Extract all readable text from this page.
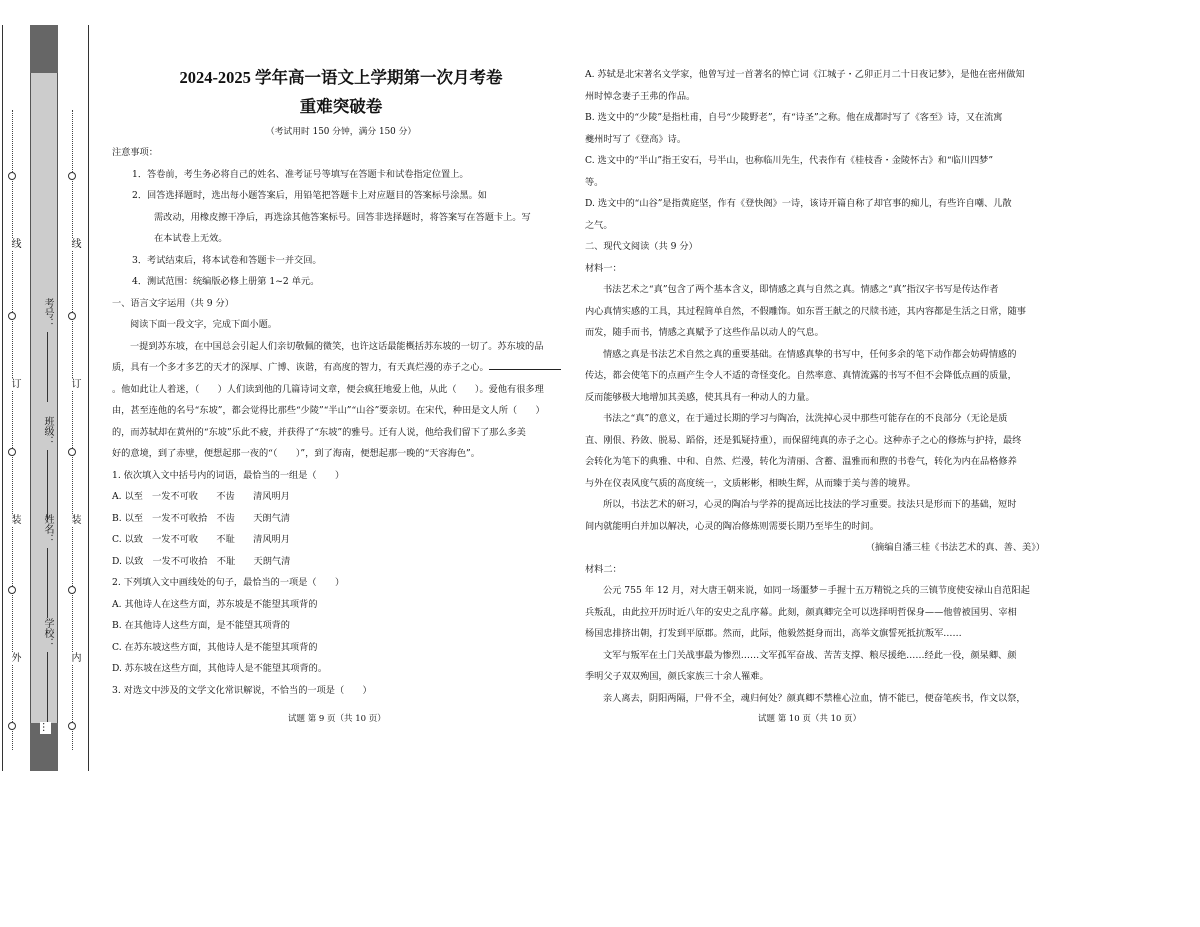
线
订
装
外
线
订
装
内
考号：
班级：
姓名：
学校：
…
2024-2025 学年高一语文上学期第一次月考卷
重难突破卷
（考试用时 150 分钟，满分 150 分）

注意事项：

1．答卷前，考生务必将自己的姓名、准考证号等填写在答题卡和试卷指定位置上。

2．回答选择题时，选出每小题答案后，用铅笔把答题卡上对应题目的答案标号涂黑。如

需改动，用橡皮擦干净后，再选涂其他答案标号。回答非选择题时，将答案写在答题卡上。写

在本试卷上无效。

3．考试结束后，将本试卷和答题卡一并交回。

4．测试范围：统编版必修上册第 1~2 单元。

一、语言文字运用（共 9 分）

阅读下面一段文字，完成下面小题。

一提到苏东坡，在中国总会引起人们亲切敬佩的微笑，也许这话最能概括苏东坡的一切了。苏东坡的品

质，具有一个多才多艺的天才的深厚、广博、诙谐，有高度的智力，有天真烂漫的赤子之心。

。他如此让人着迷，（　　）人们读到他的几篇诗词文章，便会疯狂地爱上他，从此（　　）。爱他有很多理

由，甚至连他的名号“东坡”，都会觉得比那些“少陵”“半山”“山谷”要亲切。在宋代，种田是文人所（　　）

的，而苏轼却在黄州的“东坡”乐此不疲，并获得了“东坡”的雅号。迁有人说，他给我们留下了那么多美

好的意境，到了赤壁，便想起那一夜的“（　　）”，到了海南，便想起那一晚的“天容海色”。

1. 依次填入文中括号内的词语，最恰当的一组是（　　）

A. 以至　一发不可收　　不齿　　清风明月

B. 以至　一发不可收拾　不齿　　天朗气清

C. 以致　一发不可收　　不耻　　清风明月

D. 以致　一发不可收拾　不耻　　天朗气清

2. 下列填入文中画线处的句子，最恰当的一项是（　　）

A. 其他诗人在这些方面，苏东坡是不能望其项背的

B. 在其他诗人这些方面，是不能望其项背的

C. 在苏东坡这些方面，其他诗人是不能望其项背的

D. 苏东坡在这些方面，其他诗人是不能望其项背的。

3. 对选文中涉及的文学文化常识解说，不恰当的一项是（　　）

A. 苏轼是北宋著名文学家，他曾写过一首著名的悼亡词《江城子・乙卯正月二十日夜记梦》，是他在密州做知

州时悼念妻子王弗的作品。

B. 选文中的“少陵”是指杜甫，自号“少陵野老”，有“诗圣”之称。他在成都时写了《客至》诗，又在流寓

夔州时写了《登高》诗。

C. 选文中的“半山”指王安石，号半山，也称临川先生，代表作有《桂枝香・金陵怀古》和“临川四梦”

等。

D. 选文中的“山谷”是指黄庭坚，作有《登快阁》一诗，该诗开篇自称了却官事的痴儿，有些许自嘲、儿散

之气。

二、现代文阅读（共 9 分）

材料一：

书法艺术之“真”包含了两个基本含义，即情感之真与自然之真。情感之“真”指汉字书写是传达作者

内心真情实感的工具，其过程简单自然，不假雕饰。如东晋王献之的尺牍书迹，其内容都是生活之日常，随事

而发，随手而书，情感之真赋予了这些作品以动人的气息。

情感之真是书法艺术自然之真的重要基础。在情感真挚的书写中，任何多余的笔下动作都会妨碍情感的

传达，都会使笔下的点画产生令人不适的奇怪变化。自然率意、真情流露的书写不但不会降低点画的质量，

反而能够极大地增加其美感，使其具有一种动人的力量。

书法之“真”的意义，在于通过长期的学习与陶冶，汰洗掉心灵中那些可能存在的不良部分（无论是质

直、刚佷、矜敛、脱易、蹈俗，还是狐疑持重），而保留纯真的赤子之心。这种赤子之心的修炼与护持，最终

会转化为笔下的典雅、中和、自然、烂漫，转化为清丽、含蓄、温雅而和煦的书卷气，转化为内在品格修养

与外在仪表风度气质的高度统一，文质彬彬，相映生辉，从而臻于美与善的境界。

所以，书法艺术的研习，心灵的陶冶与学养的提高远比技法的学习重要。技法只是形而下的基础，短时

间内就能明白并加以解决，心灵的陶冶修炼则需要长期乃至毕生的时间。

（摘编自潘三桂《书法艺术的真、善、美》）

材料二：

公元 755 年 12 月，对大唐王朝来说，如同一场噩梦－手握十五万精锐之兵的三镇节度使安禄山自范阳起

兵叛乱，由此拉开历时近八年的安史之乱序幕。此刻，颜真卿完全可以选择明哲保身——他曾被国男、宰相

杨国忠排挤出朝，打发到平原郡。然而，此际，他毅然挺身而出，高举文旗誓死抵抗叛军……

文军与叛军在土门关战事最为惨烈……文军孤军奋战、苦苦支撑、粮尽援绝……经此一役，颜杲卿、颜

季明父子双双殉国，颜氏家族三十余人罹难。

亲人离去，阴阳两隔，尸骨不全，魂归何处？颜真卿不禁椎心泣血，情不能已，便奋笔疾书，作文以祭，

试题 第 9 页（共 10 页）	试题 第 10 页（共 10 页）
